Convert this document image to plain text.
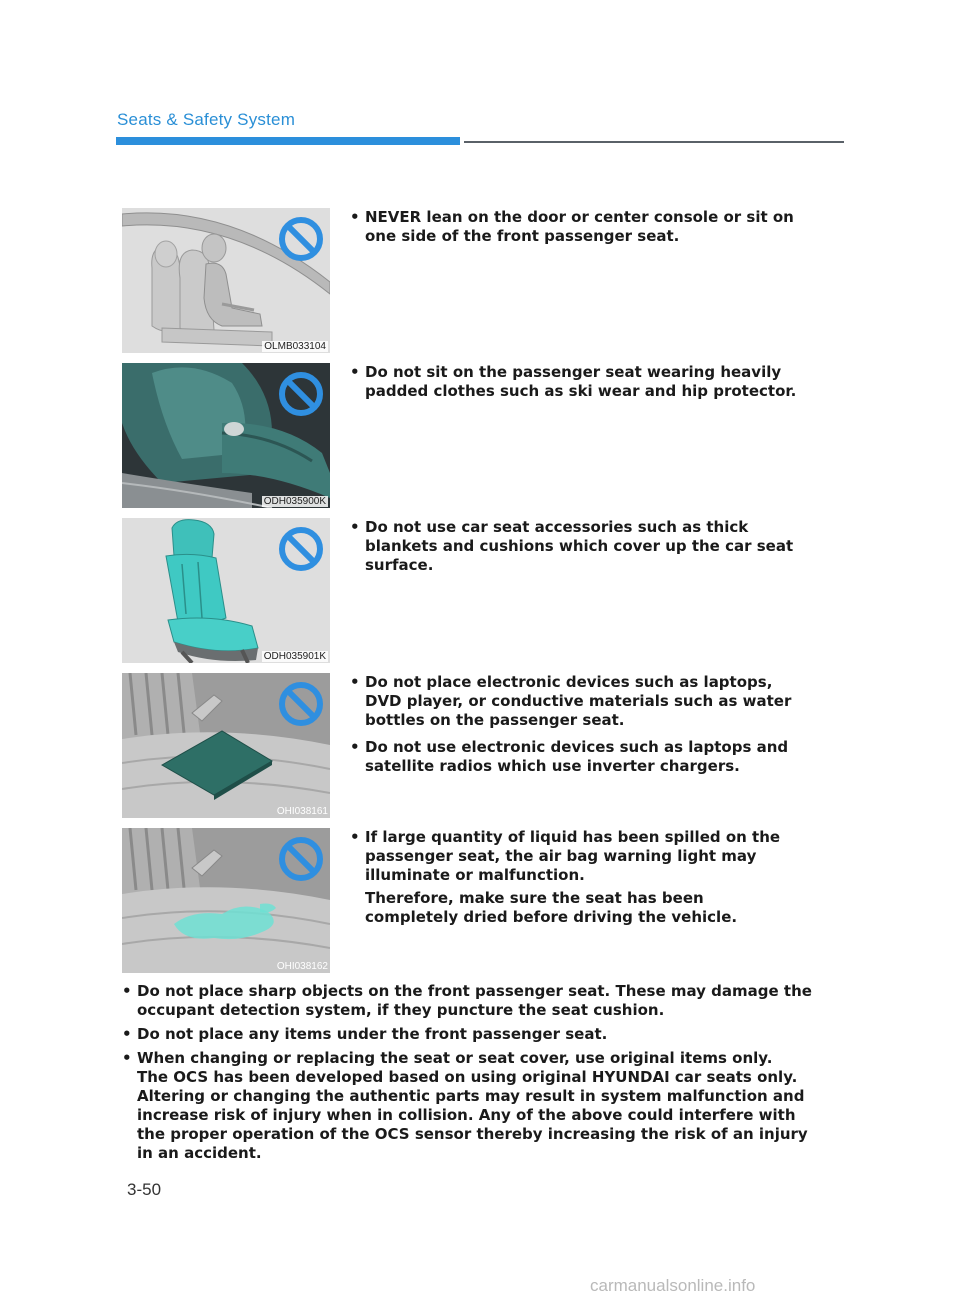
Seats & Safety System
OLMB033104
• NEVER lean on the door or center console or sit on one side of the front passenger seat.
ODH035900K
• Do not sit on the passenger seat wearing heavily padded clothes such as ski wear and hip protector.
ODH035901K
• Do not use car seat accessories such as thick blankets and cushions which cover up the car seat surface.
OHI038161
• Do not place electronic devices such as laptops, DVD player, or conductive materials such as water bottles on the passenger seat.
• Do not use electronic devices such as laptops and satellite radios which use inverter chargers.
OHI038162
• If large quantity of liquid has been spilled on the passenger seat, the air bag warning light may illuminate or malfunction.
Therefore, make sure the seat has been completely dried before driving the vehicle.
• Do not place sharp objects on the front passenger seat. These may damage the occupant detection system, if they puncture the seat cushion.
• Do not place any items under the front passenger seat.
• When changing or replacing the seat or seat cover, use original items only.
The OCS has been developed based on using original HYUNDAI car seats only. Altering or changing the authentic parts may result in system malfunction and increase risk of injury when in collision. Any of the above could interfere with the proper operation of the OCS sensor thereby increasing the risk of an injury in an accident.
3-50
carmanualsonline.info
